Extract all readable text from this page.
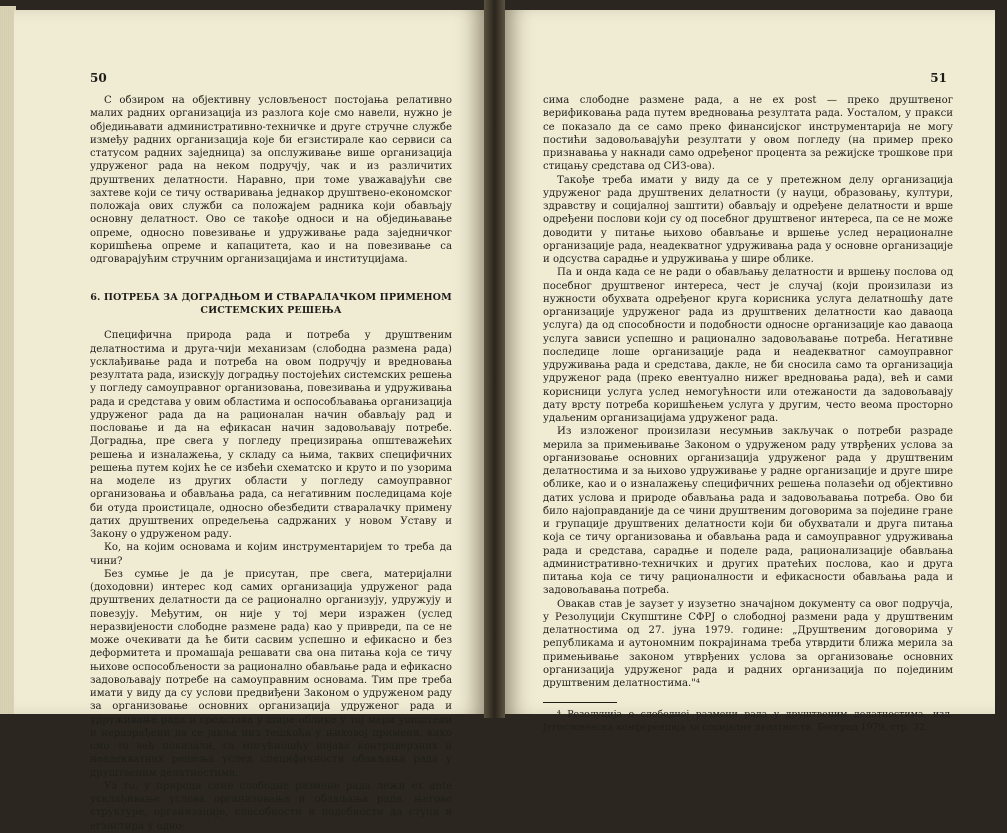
50

С обзиром на објективну условљеност постојања релативно малих радних организација из разлога које смо навели, нужно је обједињавати административно-техничке и друге стручне службе између радних организација које би егзистирале као сервиси са статусом радних заједница) за опслуживање више организација удруженог рада на неком подручју, чак и из различитих друштвених делатности. Наравно, при томе уважавајући све захтеве који се тичу остваривања једнакор друштвено-економског положаја ових служби са положајем радника који обављају основну делатност. Ово се такође односи и на обједињавање опреме, односно повезивање и удруживање рада заједничког коришћења опреме и капацитета, као и на повезивање са одговарајућим стручним организацијама и институцијама.

6. ПОТРЕБА ЗА ДОГРАДЊОМ И СТВАРАЛАЧКОМ ПРИМЕНОМ СИСТЕМСКИХ РЕШЕЊА

Специфична природа рада и потреба у друштвеним делатностима и друга-чији механизам (слободна размена рада) усклађивање рада и потреба на овом подручју и вредновања резултата рада, изискују доградњу постојећих системских решења у погледу самоуправног организовања, повезивања и удруживања рада и средстава у овим областима и оспособљавања организација удруженог рада да на рационалан начин обављају рад и пословање и да на ефикасан начин задовољавају потребе. Доградња, пре свега у погледу прецизирања општеважећих решења и изналажења, у складу са њима, таквих специфичних решења путем којих ће се избећи схематско и круто и по узорима на моделе из других области у погледу самоуправног организовања и обављања рада, са негативним последицама које би отуда проистицале, односно обезбедити стваралачку примену датих друштвених опредељења садржаних у новом Уставу и Закону о удруженом раду.

Ко, на којим основама и којим инструментаријем то треба да чини?

Без сумње је да је присутан, пре свега, материјални (доходовни) интерес код самих организација удруженог рада друштвених делатности да се рационално организују, удружују и повезују. Међутим, он није у тој мери изражен (услед неразвијености слободне размене рада) као у привреди, па се не може очекивати да ће бити сасвим успешно и ефикасно и без деформитета и промашаја решавати сва она питања која се тичу њихове оспособљености за рационално обављање рада и ефикасно задовољавају потребе на самоуправним основама. Тим пре треба имати у виду да су услови предвиђени Законом о удруженом раду за организовање основних организација удруженог рада и удруживање рада и средстава у шире облике у тој мери уопштени и неразрађени да се јавља низ тешкоћа у њиховој примени, како смо то већ показали, са могућношћу појава контраверзних и неадекватних решења услед специфичности обављања рада у друштвеним делатностима.

Уз то, у природи саме слободне размене рада лежи ex ante усклађивање услова организовања и обављања рада, његове структуре, организације, способности и подобности да ступа и егзистира у одно-

51

сима слободне размене рада, а не ex post — преко друштвеног верификовања рада путем вредновања резултата рада. Уосталом, у пракси се показало да се само преко финансијског инструментарија не могу постићи задовољавајући резултати у овом погледу (на пример преко признавања у накнади само одређеног процента за режијске трошкове при стицању средстава од СИЗ-ова).

Такође треба имати у виду да се у претежном делу организација удруженог рада друштвених делатности (у науци, образовању, култури, здравству и социјалној заштити) обављају и одређене делатности и врше одређени послови који су од посебног друштвеног интереса, па се не може доводити у питање њихово обављање и вршење услед нерационалне организације рада, неадекватног удруживања рада у основне организације и одсуства сарадње и удруживања у шире облике.

Па и онда када се не ради о обављању делатности и вршењу послова од посебног друштвеног интереса, чест је случај (који произилази из нужности обухвата одређеног круга корисника услуга делатношћу дате организације удруженог рада из друштвених делатности као даваоца услуга) да од способности и подобности односне организације као даваоца услуга зависи успешно и рационално задовољавање потреба. Негативне последице лоше организације рада и неадекватног самоуправног удруживања рада и средстава, дакле, не би сносила само та организација удруженог рада (преко евентуално нижег вредновања рада), већ и сами корисници услуга услед немогућности или отежаности да задовољавају дату врсту потреба коришћењем услуга у другим, често веома просторно удаљеним организацијама удруженог рада.

Из изложеног произилази несумњив закључак о потреби разраде мерила за примењивање Законом о удруженом раду утврђених услова за организовање основних организација удруженог рада у друштвеним делатностима и за њихово удруживање у радне организације и друге шире облике, као и о изналажењу специфичних решења полазећи од објективно датих услова и природе обављања рада и задовољавања потреба. Ово би било најоправданије да се чини друштвеним договорима за поједине гране и групације друштвених делатности који би обухватали и друга питања која се тичу организовања и обављања рада и самоуправног удруживања рада и средстава, сарадње и поделе рада, рационализације обављања административно-техничких и других пратећих послова, као и друга питања која се тичу рационалности и ефикасности обављања рада и задовољавања потреба.

Овакав став је заузет у изузетно значајном документу са овог подручја, у Резолуцији Скупштине СФРЈ о слободној размени рада у друштвеним делатностима од 27. јуна 1979. године: „Друштвеним договорима у републикама и аутономним покрајинама треба утврдити ближа мерила за примењивање законом утврђених услова за организовање основних организација удруженог рада и радних организација по појединим друштвеним делатностима."⁴

⁴ Резолуција о слободној размени рада у друштвеним делатностима, изд. Југословенска конференција за социјалне делатности, Београд 1979, стр. 32.
